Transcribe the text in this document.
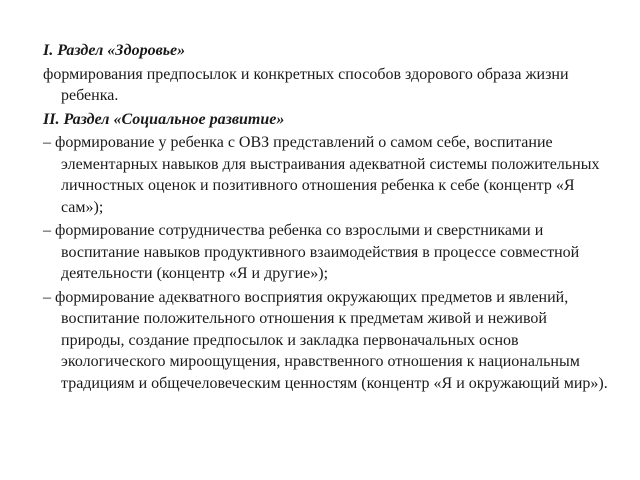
I. Раздел «Здоровье»
формирования предпосылок и конкретных способов здорового образа жизни ребенка.
II. Раздел «Социальное развитие»
– формирование у ребенка с ОВЗ представлений о самом себе, воспитание элементарных навыков для выстраивания адекватной системы положительных личностных оценок и позитивного отношения ребенка к себе (концентр «Я сам»);
– формирование сотрудничества ребенка со взрослыми и сверстниками и воспитание навыков продуктивного взаимодействия в процессе совместной деятельности (концентр «Я и другие»);
– формирование адекватного восприятия окружающих предметов и явлений, воспитание положительного отношения к предметам живой и неживой природы, создание предпосылок и закладка первоначальных основ экологического мироощущения, нравственного отношения к национальным традициям и общечеловеческим ценностям (концентр «Я и окружающий мир»).
